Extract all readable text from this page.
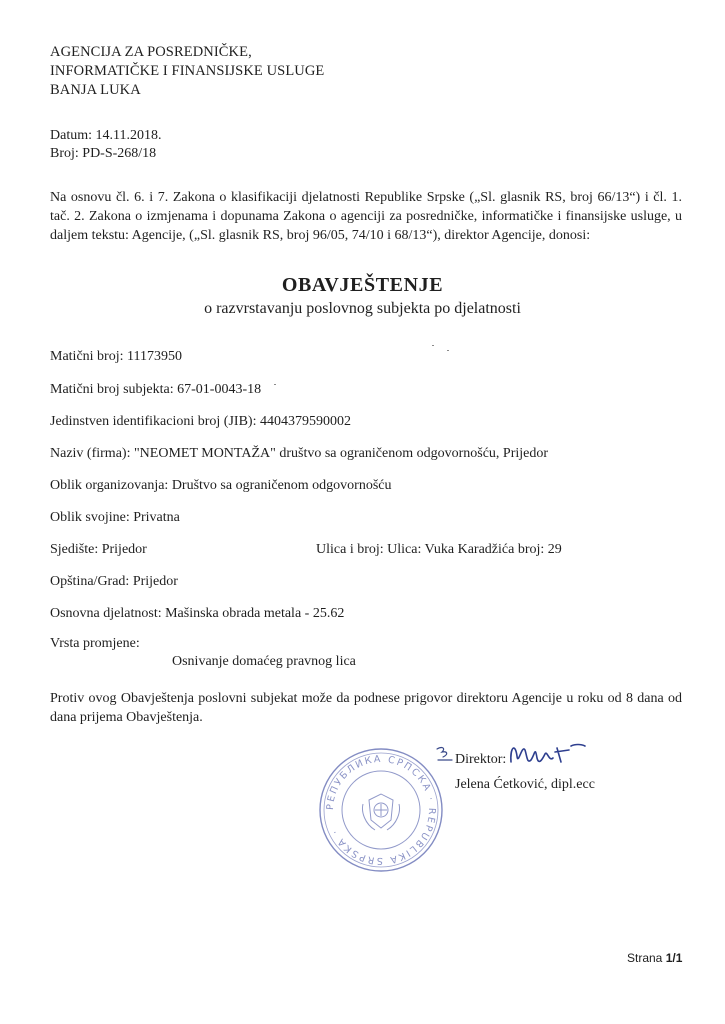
AGENCIJA ZA POSREDNIČKE,
INFORMATIČKE I FINANSIJSKE USLUGE
BANJA LUKA
Datum: 14.11.2018.
Broj: PD-S-268/18
Na osnovu čl. 6. i 7. Zakona o klasifikaciji djelatnosti Republike Srpske („Sl. glasnik RS, broj 66/13“) i čl. 1. tač. 2. Zakona o izmjenama i dopunama Zakona o agenciji za posredničke, informatičke i finansijske usluge, u daljem tekstu: Agencije, („Sl. glasnik RS, broj 96/05, 74/10 i 68/13“), direktor Agencije, donosi:
OBAVJEŠTENJE
o razvrstavanju poslovnog subjekta po djelatnosti
Matični broj: 11173950
Matični broj subjekta: 67-01-0043-18
Jedinstven identifikacioni broj (JIB): 4404379590002
Naziv (firma): "NEOMET MONTAŽA" društvo sa ograničenom odgovornošću, Prijedor
Oblik organizovanja: Društvo sa ograničenom odgovornošću
Oblik svojine: Privatna
Sjedište: Prijedor	Ulica i broj: Ulica: Vuka Karadžića broj: 29
Opština/Grad: Prijedor
Osnovna djelatnost: Mašinska obrada metala - 25.62
Vrsta promjene:
Osnivanje domaćeg pravnog lica
Protiv ovog Obavještenja poslovni subjekat može da podnese prigovor direktoru Agencije u roku od 8 dana od dana prijema Obavještenja.
Direktor:
Jelena Ćetković, dipl.ecc
РЕПУБЛИКА СРПСКА · REPUBLIKA SRPSKA ·
Strana 1/1
